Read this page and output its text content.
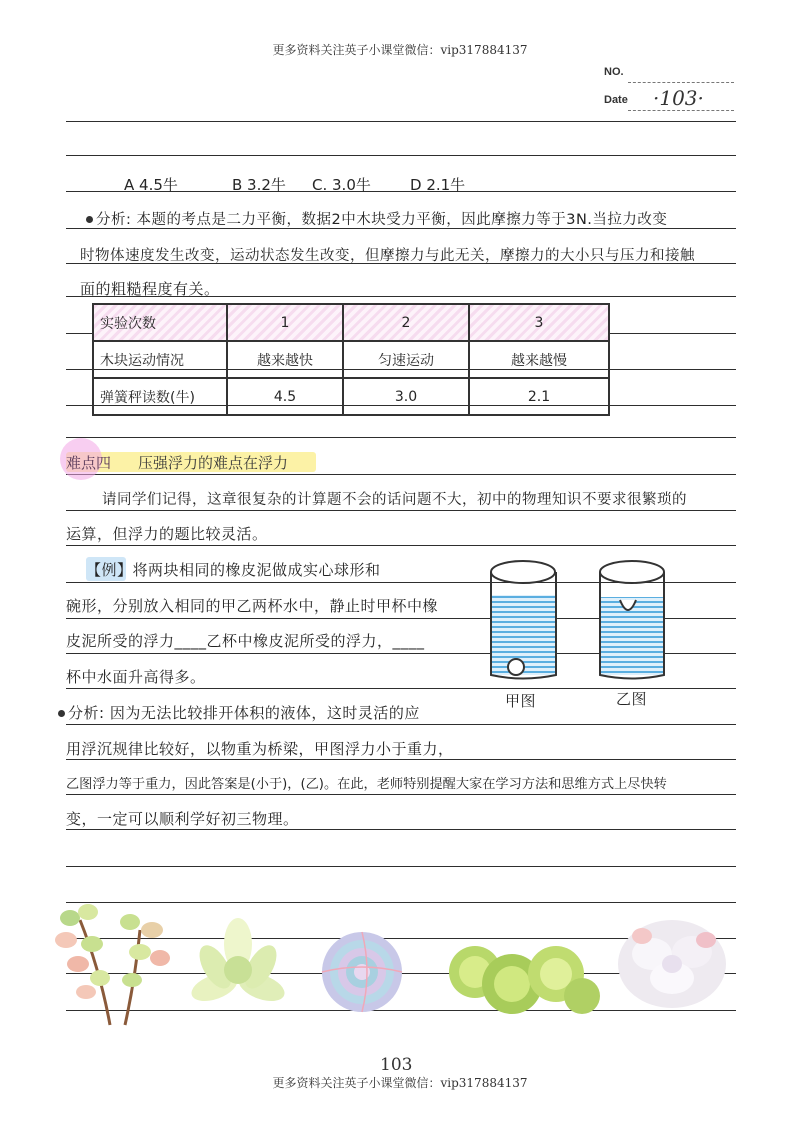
更多资料关注英子小课堂微信：vip317884137
NO.
Date ·103·
A 4.5牛	B 3.2牛 C. 3.0牛	D 2.1牛
分析: 本题的考点是二力平衡，数据2中木块受力平衡，因此摩擦力等于3N.当拉力改变
时物体速度发生改变，运动状态发生改变，但摩擦力与此无关，摩擦力的大小只与压力和接触
面的粗糙程度有关。
实验次数	1	2	3
木块运动情况	越来越快	匀速运动	越来越慢
弹簧秤读数(牛)	4.5	3.0	2.1
难点四 压强浮力的难点在浮力
请同学们记得，这章很复杂的计算题不会的话问题不大，初中的物理知识不要求很繁琐的
运算，但浮力的题比较灵活。
【例】将两块相同的橡皮泥做成实心球形和
碗形，分别放入相同的甲乙两杯水中，静止时甲杯中橡
皮泥所受的浮力____乙杯中橡皮泥所受的浮力，____
杯中水面升高得多。
甲图	乙图
分析: 因为无法比较排开体积的液体，这时灵活的应
用浮沉规律比较好，以物重为桥梁，甲图浮力小于重力，
乙图浮力等于重力，因此答案是(小于)，(乙)。在此，老师特别提醒大家在学习方法和思维方式上尽快转
变，一定可以顺利学好初三物理。
103
更多资料关注英子小课堂微信：vip317884137
